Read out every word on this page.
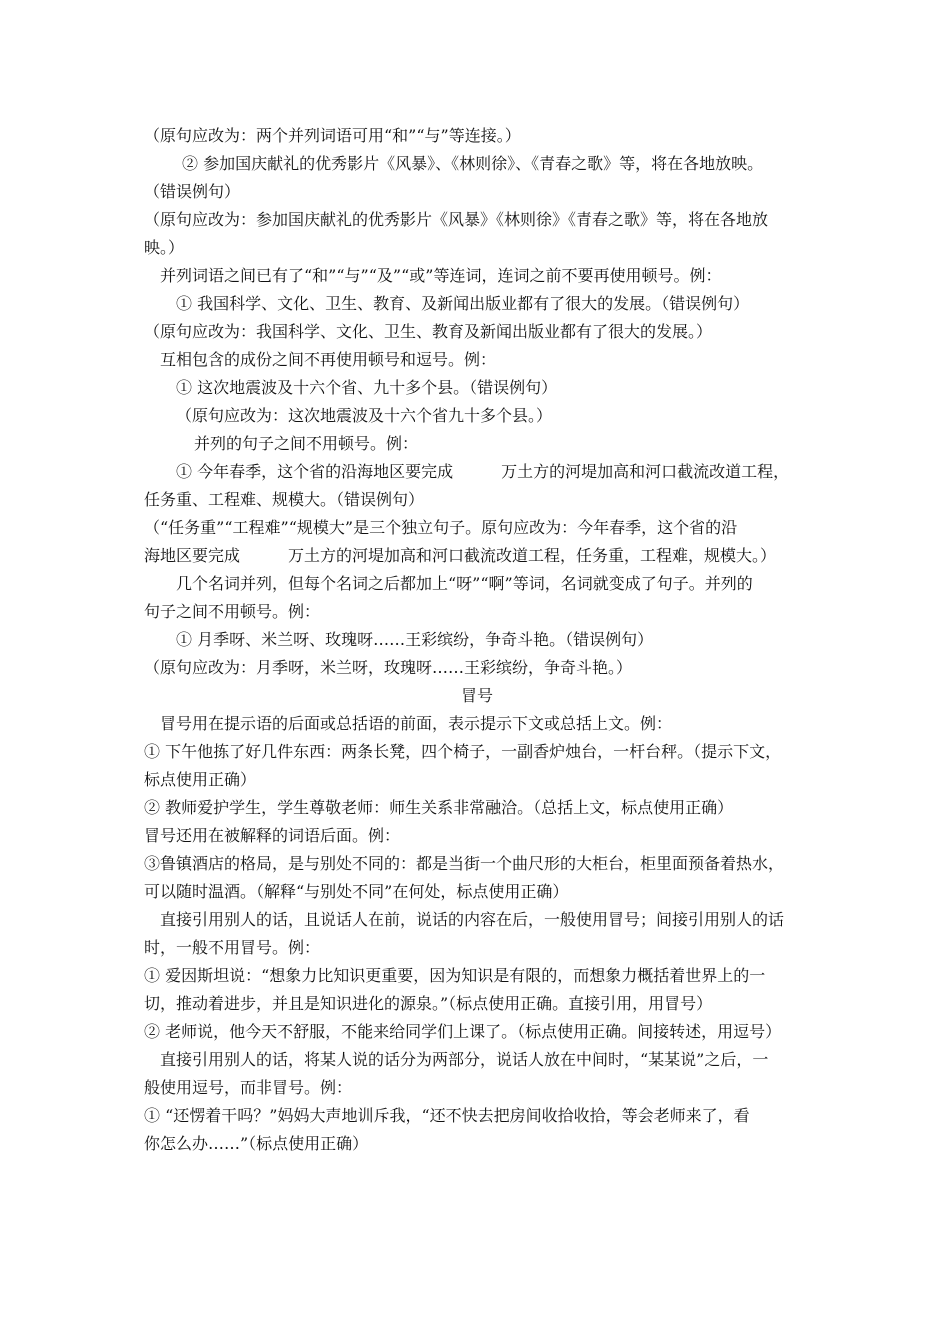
（原句应改为：两个并列词语可用“和”“与”等连接。）

② 参加国庆献礼的优秀影片《风暴》、《林则徐》、《青春之歌》等，将在各地放映。

（错误例句）

（原句应改为：参加国庆献礼的优秀影片《风暴》《林则徐》《青春之歌》等，将在各地放

映。）

并列词语之间已有了“和”“与”“及”“或”等连词，连词之前不要再使用顿号。例：

① 我国科学、文化、卫生、教育、及新闻出版业都有了很大的发展。（错误例句）

（原句应改为：我国科学、文化、卫生、教育及新闻出版业都有了很大的发展。）

互相包含的成份之间不再使用顿号和逗号。例：

① 这次地震波及十六个省、九十多个县。（错误例句）

（原句应改为：这次地震波及十六个省九十多个县。）

并列的句子之间不用顿号。例：

① 今年春季，这个省的沿海地区要完成　　　万土方的河堤加高和河口截流改道工程，

任务重、工程难、规模大。（错误例句）

（“任务重”“工程难”“规模大”是三个独立句子。原句应改为：今年春季，这个省的沿

海地区要完成　　　万土方的河堤加高和河口截流改道工程，任务重，工程难，规模大。）

几个名词并列，但每个名词之后都加上“呀”“啊”等词，名词就变成了句子。并列的

句子之间不用顿号。例：

① 月季呀、米兰呀、玫瑰呀……王彩缤纷，争奇斗艳。（错误例句）

（原句应改为：月季呀，米兰呀，玫瑰呀……王彩缤纷，争奇斗艳。）

冒号

冒号用在提示语的后面或总括语的前面，表示提示下文或总括上文。例：

① 下午他拣了好几件东西：两条长凳，四个椅子，一副香炉烛台，一杆台秤。（提示下文，

标点使用正确）

② 教师爱护学生，学生尊敬老师：师生关系非常融洽。（总括上文，标点使用正确）

冒号还用在被解释的词语后面。例：

③鲁镇酒店的格局，是与别处不同的：都是当街一个曲尺形的大柜台，柜里面预备着热水，

可以随时温酒。（解释“与别处不同”在何处，标点使用正确）

直接引用别人的话，且说话人在前，说话的内容在后，一般使用冒号；间接引用别人的话

时，一般不用冒号。例：

① 爱因斯坦说：“想象力比知识更重要，因为知识是有限的，而想象力概括着世界上的一

切，推动着进步，并且是知识进化的源泉。”（标点使用正确。直接引用，用冒号）

② 老师说，他今天不舒服，不能来给同学们上课了。（标点使用正确。间接转述，用逗号）

直接引用别人的话，将某人说的话分为两部分，说话人放在中间时，“某某说”之后，一

般使用逗号，而非冒号。例：

① “还愣着干吗？”妈妈大声地训斥我，“还不快去把房间收拾收拾，等会老师来了，看

你怎么办……”（标点使用正确）
